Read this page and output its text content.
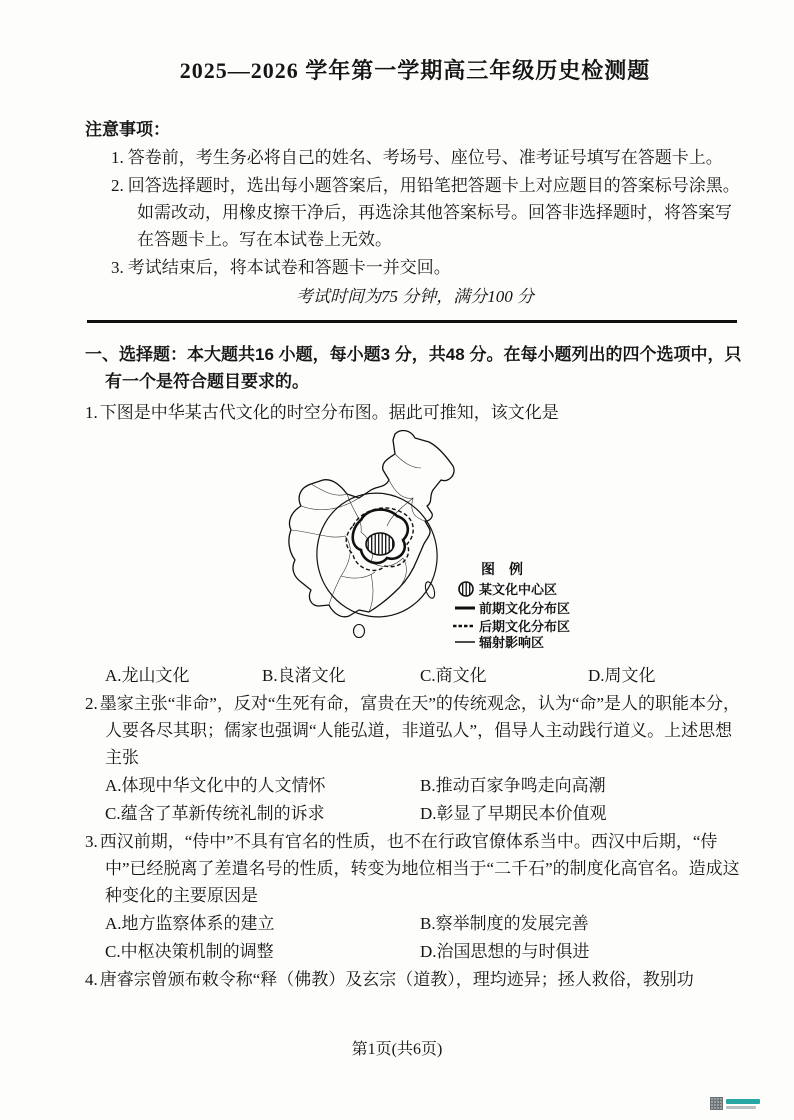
2025—2026 学年第一学期高三年级历史检测题

注意事项：

1. 答卷前，考生务必将自己的姓名、考场号、座位号、准考证号填写在答题卡上。

2. 回答选择题时，选出每小题答案后，用铅笔把答题卡上对应题目的答案标号涂黑。如需改动，用橡皮擦干净后，再选涂其他答案标号。回答非选择题时，将答案写在答题卡上。写在本试卷上无效。

3. 考试结束后，将本试卷和答题卡一并交回。

考试时间为75 分钟，满分100 分

一、选择题：本大题共16 小题，每小题3 分，共48 分。在每小题列出的四个选项中，只有一个是符合题目要求的。

1. 下图是中华某古代文化的时空分布图。据此可推知，该文化是

图　例
某文化中心区
前期文化分布区
后期文化分布区
辐射影响区
A.龙山文化	B.良渚文化	C.商文化	D.周文化

2. 墨家主张“非命”，反对“生死有命，富贵在天”的传统观念，认为“命”是人的职能本分，人要各尽其职；儒家也强调“人能弘道，非道弘人”，倡导人主动践行道义。上述思想主张

A.体现中华文化中的人文情怀	B.推动百家争鸣走向高潮
C.蕴含了革新传统礼制的诉求	D.彰显了早期民本价值观

3. 西汉前期，“侍中”不具有官名的性质，也不在行政官僚体系当中。西汉中后期，“侍中”已经脱离了差遣名号的性质，转变为地位相当于“二千石”的制度化高官名。造成这种变化的主要原因是

A.地方监察体系的建立	B.察举制度的发展完善
C.中枢决策机制的调整	D.治国思想的与时俱进

4. 唐睿宗曾颁布敕令称“释（佛教）及玄宗（道教），理均迹异；拯人救俗，教别功

第1页(共6页)
